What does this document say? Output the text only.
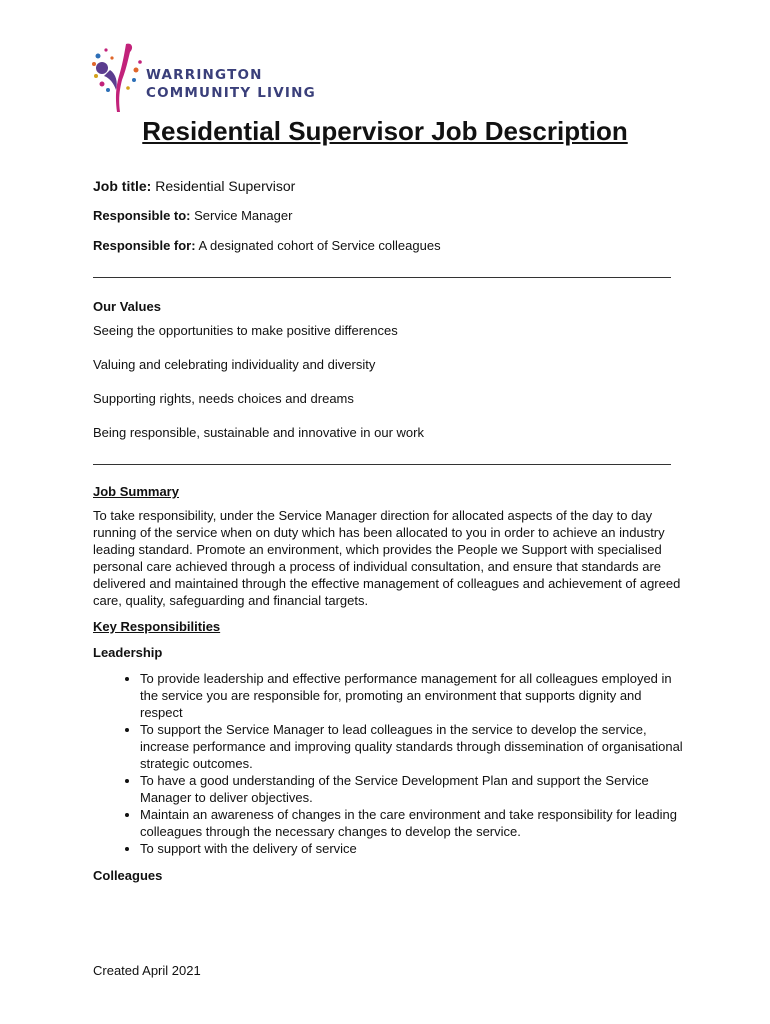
WARRINGTON
COMMUNITY LIVING
Residential Supervisor Job Description

Job title: Residential Supervisor

Responsible to: Service Manager

Responsible for: A designated cohort of Service colleagues

Our Values

Seeing the opportunities to make positive differences

Valuing and celebrating individuality and diversity

Supporting rights, needs choices and dreams

Being responsible, sustainable and innovative in our work

Job Summary

To take responsibility, under the Service Manager direction for allocated aspects of the day to day running of the service when on duty which has been allocated to you in order to achieve an industry leading standard. Promote an environment, which provides the People we Support with specialised personal care achieved through a process of individual consultation, and ensure that standards are delivered and maintained through the effective management of colleagues and achievement of agreed care, quality, safeguarding and financial targets.

Key Responsibilities
Leadership
• To provide leadership and effective performance management for all colleagues employed in the service you are responsible for, promoting an environment that supports dignity and respect
• To support the Service Manager to lead colleagues in the service to develop the service, increase performance and improving quality standards through dissemination of organisational strategic outcomes.
• To have a good understanding of the Service Development Plan and support the Service Manager to deliver objectives.
• Maintain an awareness of changes in the care environment and take responsibility for leading colleagues through the necessary changes to develop the service.
• To support with the delivery of service
Colleagues
Created April 2021
